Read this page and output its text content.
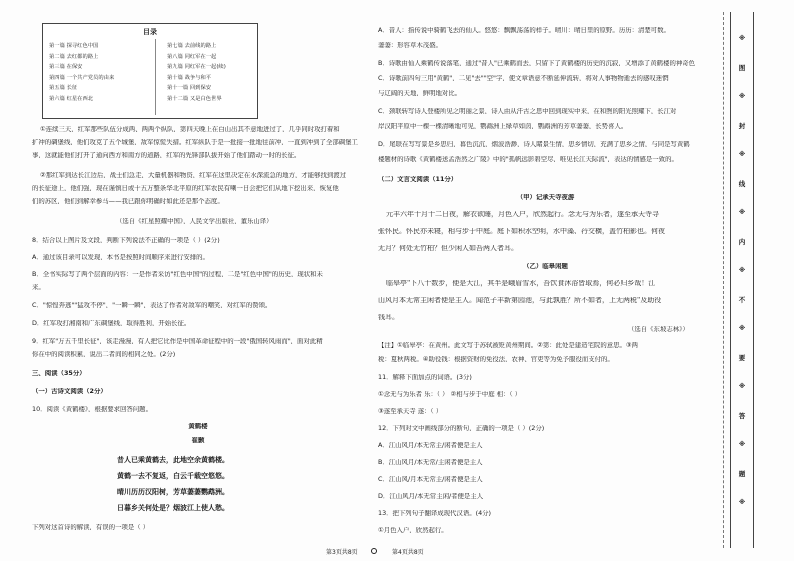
目录
第一篇 探寻红色中国
第二篇 去红都的路上
第三篇 在保安
第四篇 一个共产党员的由来
第五篇 长征
第六篇 红星在西北
第七篇 去前线的路上
第八篇 同红军在一起
第九篇 同红军在一起(续)
第十篇 战争与和平
第十一篇 回到保安
第十二篇 又是白色世界
①连续三天，红军那些队伍分成两、两两个纵队，第四天晚上在白山出其不意地进过了，几乎同时攻打着和
扩冲的碉堡线，他们攻克了五个城堡，敌军惊慌失措。红军纵队于是一批接一批地往前冲，一直到冲到了全部碉堡工
事，这就能他们打开了通向西方和南方的道路，红军的先锋部队拔开始了他们踏动一时的长征。
②那红军到达长江边后，战士们急走，大量机器和物资，红军在这里决定在水深流急的地方，才能够找到渡过
的长征途上，他们强，现在谨慎日或十五万整条华北平原的红军农民有喇一日会把它们从地下挖出来，恢复他
们的苏区，他们到解幸参马——我已跟你明确时如此还是那个态度。
（选自《红星照耀中国》，人民文学出版社，董乐山译）
8．结合以上图片及文段，判断下列说法不正确的一项是（ ）(2分)
A．通过该目录可以发现，本书是按照时间顺序来进行安排的。
B．全书实际写了两个层面的内容：一是作者采访"红色中国"的过程，二是"红色中国"的历史，现状和未
来。
C．"惊惶奔逃""猛攻不停"，"一瞬一瞬"，表达了作者对敌军的嘲笑，对红军的赞颂。
D．红军攻打湘南和广东碉堡线，取得胜利，开始长征。
9．红军"万五千里长征"，该走漫漫，有人把它比作是中国革命征程中的一段"俄国转风雨而"，面对此精
你在中的阅读积累，说出二者间的相同之处。(2分)
三、阅读（35分）
（一）古诗文阅读（2分）
10．阅读《黄鹤楼》，根据要求回答问题。
黄鹤楼
崔颢
昔人已乘黄鹤去，此地空余黄鹤楼。
黄鹤一去不复返，白云千载空悠悠。
晴川历历汉阳树，芳草萋萋鹦鹉洲。
日暮乡关何处是？烟波江上使人愁。
下列对这首诗的解读，有误的一项是（ ）
A．昔人：指传说中骑鹤飞去的仙人。悠悠：飘飘荡荡的样子。晴川：晴日里的原野。历历：清楚可数。
萋萋：形容草木茂盛。
B．诗歌由仙人乘鹤传说落笔，通过"昔人"已乘鹤而去，只留下了黄鹤楼的历史的沉寂，又增添了黄鹤楼的神奇色
C．诗歌前四句三用"黄鹤"，二见"去""空"字，使文章语意不断延伸流转，将对人事物物逝去的感叹迷惘
与辽阔的天地，鲜明地对比。
C．颈联转写诗人登楼所见之明丽之景，诗人由从汗古之思中回到现实中来，在和煦的阳光照耀下，长江对
岸汉阳平原中一棵一棵清晰地可见，鹦鹉洲上绿草如茵，鹦鹉洲的芳草萋萋，长势喜人。
D．尾联在写写景是乡思归，暮色沉沉，烟波浩渺，诗人睹景生情，思乡情切，充满了思乡之情，与同是写黄鹤
楼题材的诗歌《黄鹤楼送孟浩然之广陵》中的"孤帆远影碧空尽，唯见长江天际流"，表达的情感是一致的。
（二）文言文阅读（11分）
（甲）记承天寺夜游
元丰六年十月十二日夜，解衣欲睡，月色入户，欣然起行。念无与为乐者，遂至承天寺寻
张怀民。怀民亦未寝，相与步于中庭。庭下如积水空明，水中藻、荇交横，盖竹柏影也。何夜
无月？何处无竹柏？但少闲人如吾两人者耳。
（乙）临皋闲题
临皋亭"下八十数步，便是大江，其半是峨眉雪水，吾饮食沐浴皆取焉，何必归乡哉！江
山风月本无常主闲者便是主人。闻范子丰新第园池，与此孰胜？所不如者，上无两税"及助役
钱耳。
（选自《东坡志林》）
【注】①临皋亭：在黄州。此文写于苏轼被贬黄州期间。②第：此处是建造宅院的意思。③两
税：夏秋两税。④助役钱：根据资财的免役法，农神、官吏等为免予服役而支付的。
11．解释下面加点的词语。(3分)
①念无与为乐者 乐：（ ） ②相与步于中庭 相：（ ）
③遂至承天寺 遂：（ ）
12．下列对文中画线部分的断句，正确的一项是（ ）(2分)
A．江山风月/本无常主/闲者便是主人
B．江山风月/本无常/主闲者便是主人
C．江山风/月本无常主/闲者便是主人
D．江山风月/本无常主闲/者便是主人
13．把下列句子翻译成现代汉语。(4分)
①月色入户，欣然起行。
※
图
※
封
※
线
※
内
※
不
※
要
※
答
※
题
※
第3页共8页	第4页共8页
